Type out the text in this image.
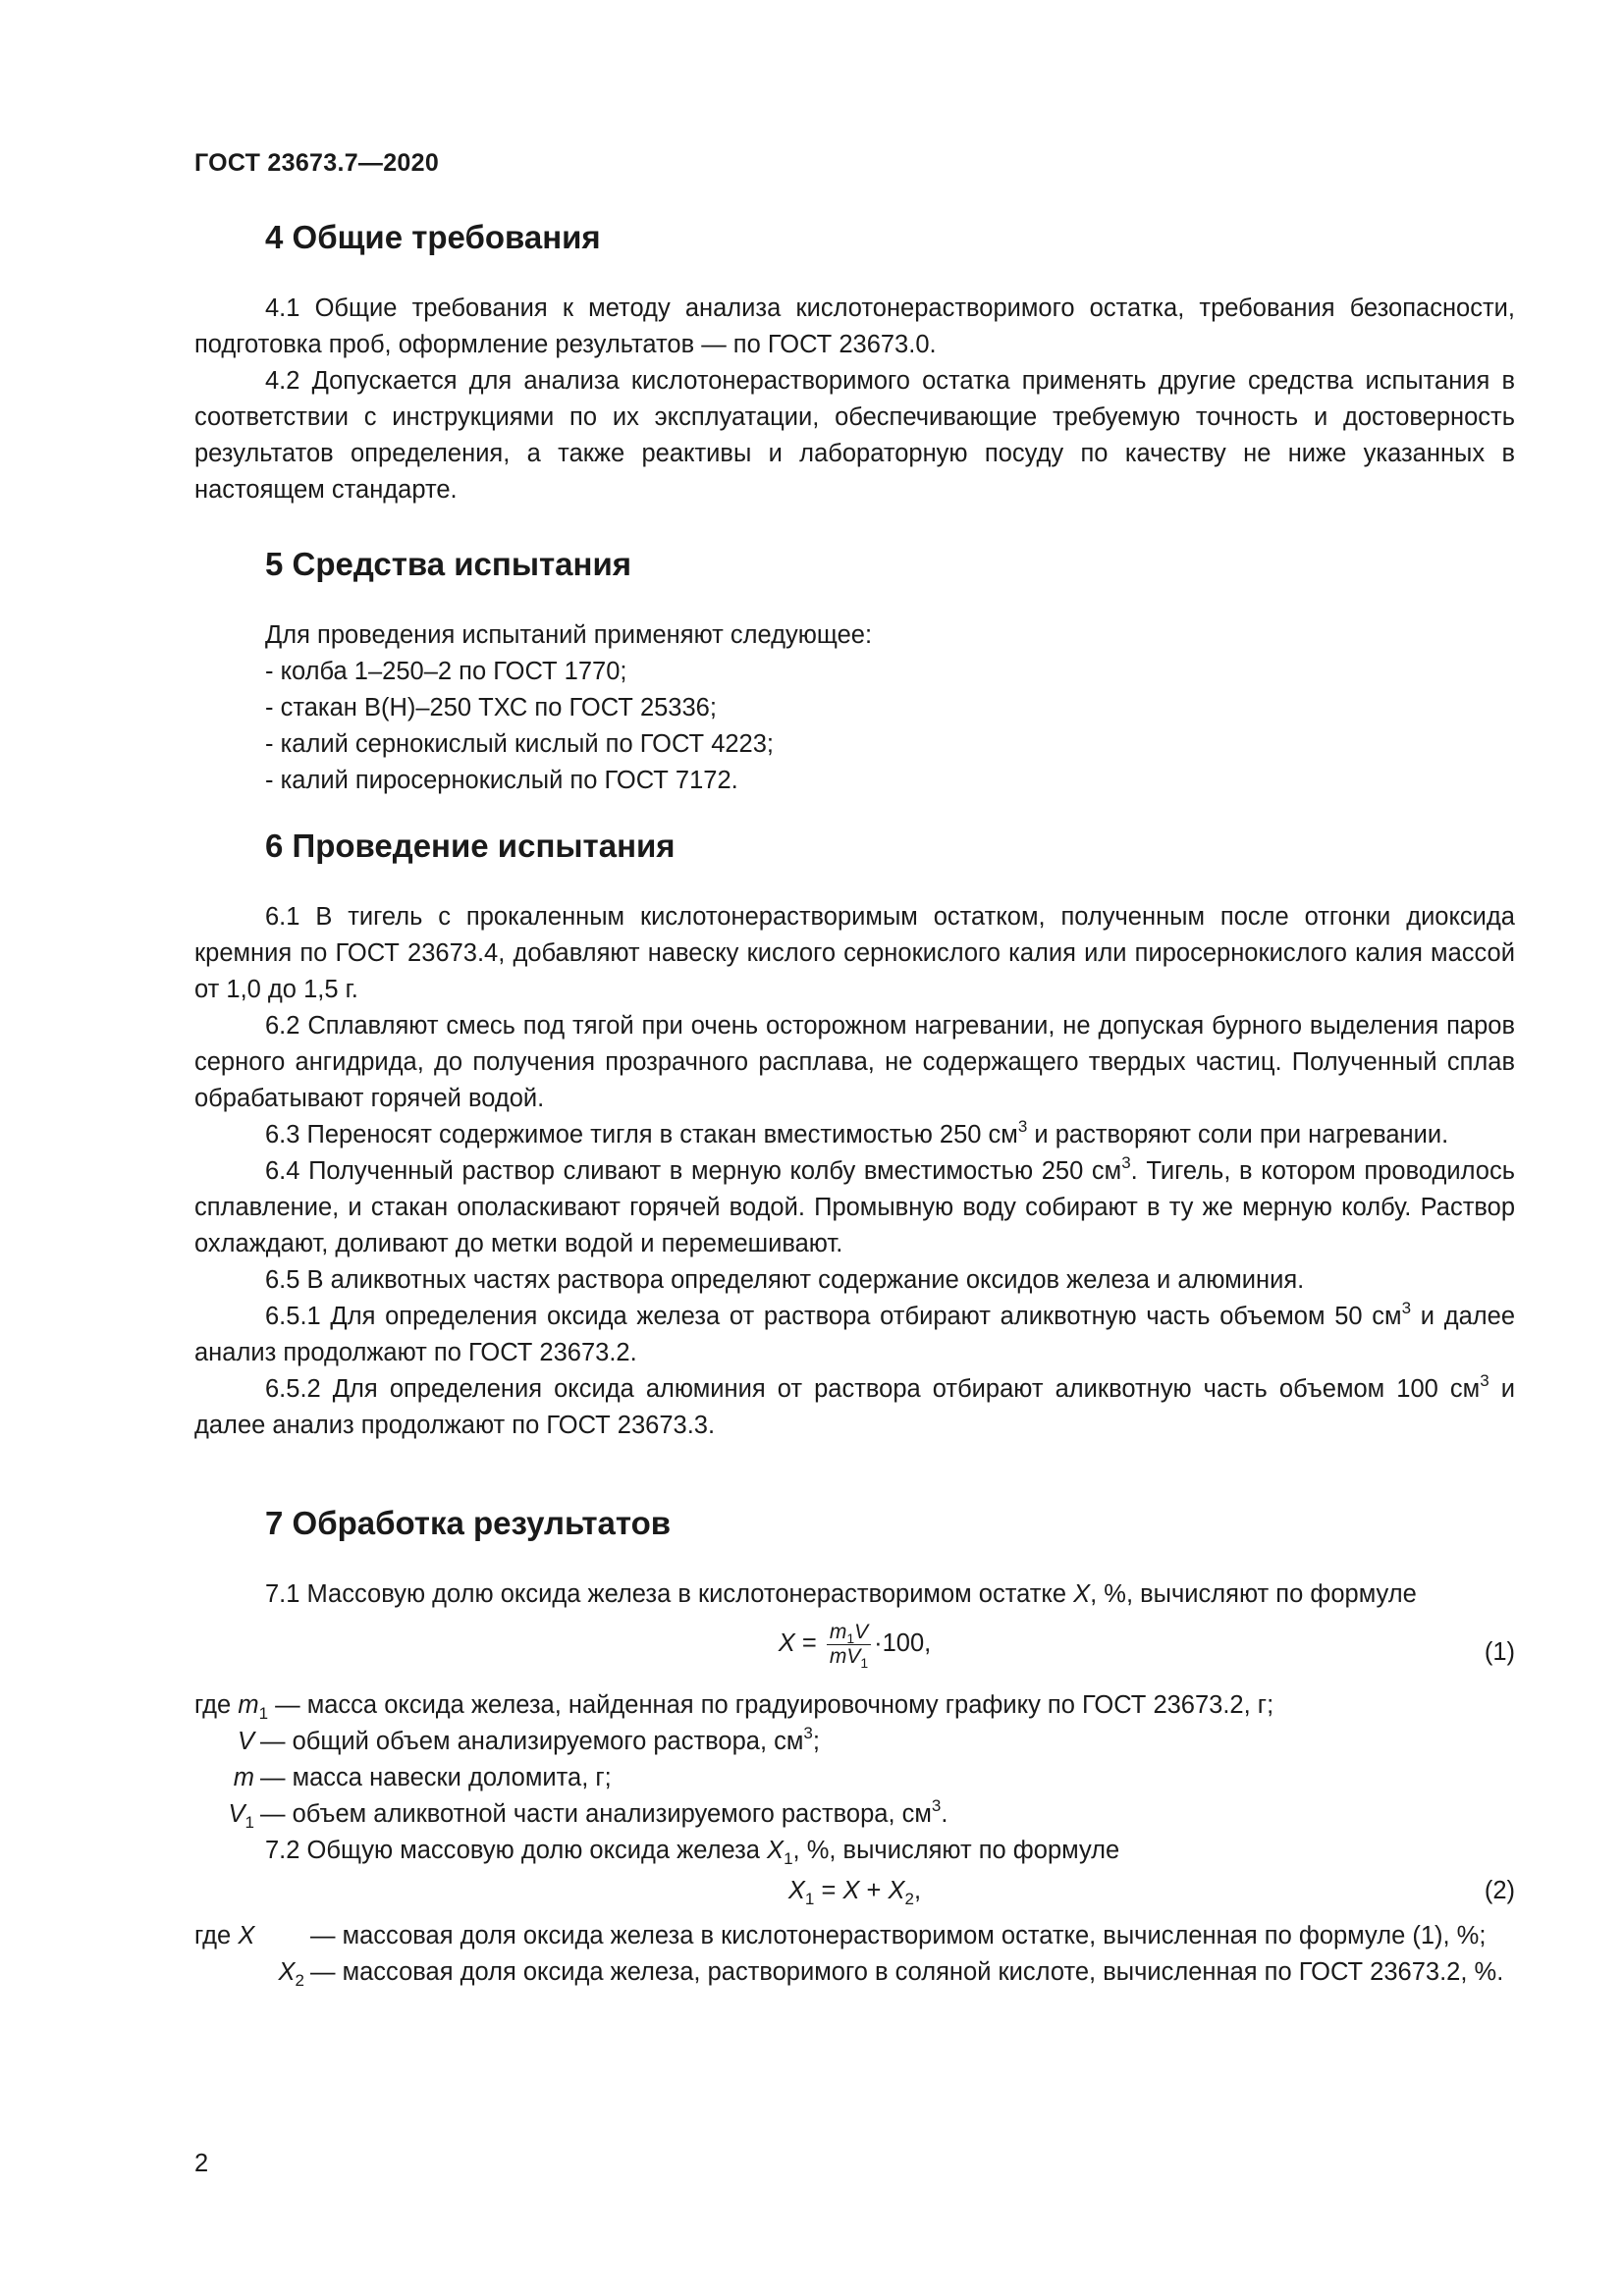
ГОСТ 23673.7—2020
4 Общие требования

4.1 Общие требования к методу анализа кислотонерастворимого остатка, требования безопасности, подготовка проб, оформление результатов — по ГОСТ 23673.0.

4.2 Допускается для анализа кислотонерастворимого остатка применять другие средства испытания в соответствии с инструкциями по их эксплуатации, обеспечивающие требуемую точность и достоверность результатов определения, а также реактивы и лабораторную посуду по качеству не ниже указанных в настоящем стандарте.

5 Средства испытания

Для проведения испытаний применяют следующее:

- колба 1–250–2 по ГОСТ 1770;
- стакан В(Н)–250 ТХС по ГОСТ 25336;
- калий сернокислый кислый по ГОСТ 4223;
- калий пиросернокислый по ГОСТ 7172.
6 Проведение испытания

6.1 В тигель с прокаленным кислотонерастворимым остатком, полученным после отгонки диоксида кремния по ГОСТ 23673.4, добавляют навеску кислого сернокислого калия или пиросернокислого калия массой от 1,0 до 1,5 г.

6.2 Сплавляют смесь под тягой при очень осторожном нагревании, не допуская бурного выделения паров серного ангидрида, до получения прозрачного расплава, не содержащего твердых частиц. Полученный сплав обрабатывают горячей водой.

6.3 Переносят содержимое тигля в стакан вместимостью 250 $см^3$ и растворяют соли при нагревании.

6.4 Полученный раствор сливают в мерную колбу вместимостью 250 $см^3$. Тигель, в котором проводилось сплавление, и стакан ополаскивают горячей водой. Промывную воду собирают в ту же мерную колбу. Раствор охлаждают, доливают до метки водой и перемешивают.

6.5 В аликвотных частях раствора определяют содержание оксидов железа и алюминия.

6.5.1 Для определения оксида железа от раствора отбирают аликвотную часть объемом 50 $см^3$ и далее анализ продолжают по ГОСТ 23673.2.

6.5.2 Для определения оксида алюминия от раствора отбирают аликвотную часть объемом 100 $см^3$ и далее анализ продолжают по ГОСТ 23673.3.

7 Обработка результатов

7.1 Массовую долю оксида железа в кислотонерастворимом остатке X, %, вычисляют по формуле

$X = \frac{m_1V}{mV_1} \cdot 100$,	(1)
где $m_1$ — масса оксида железа, найденная по градуировочному графику по ГОСТ 23673.2, г;
V — общий объем анализируемого раствора, $см^3$;
m — масса навески доломита, г;
$V_1$ — объем аликвотной части анализируемого раствора, $см^3$.

7.2 Общую массовую долю оксида железа $X_1$, %, вычисляют по формуле

$X_1 = X + X_2$,	(2)
где X	— массовая доля оксида железа в кислотонерастворимом остатке, вычисленная по формуле (1), %;
$X_2$ — массовая доля оксида железа, растворимого в соляной кислоте, вычисленная по ГОСТ 23673.2, %.
2
